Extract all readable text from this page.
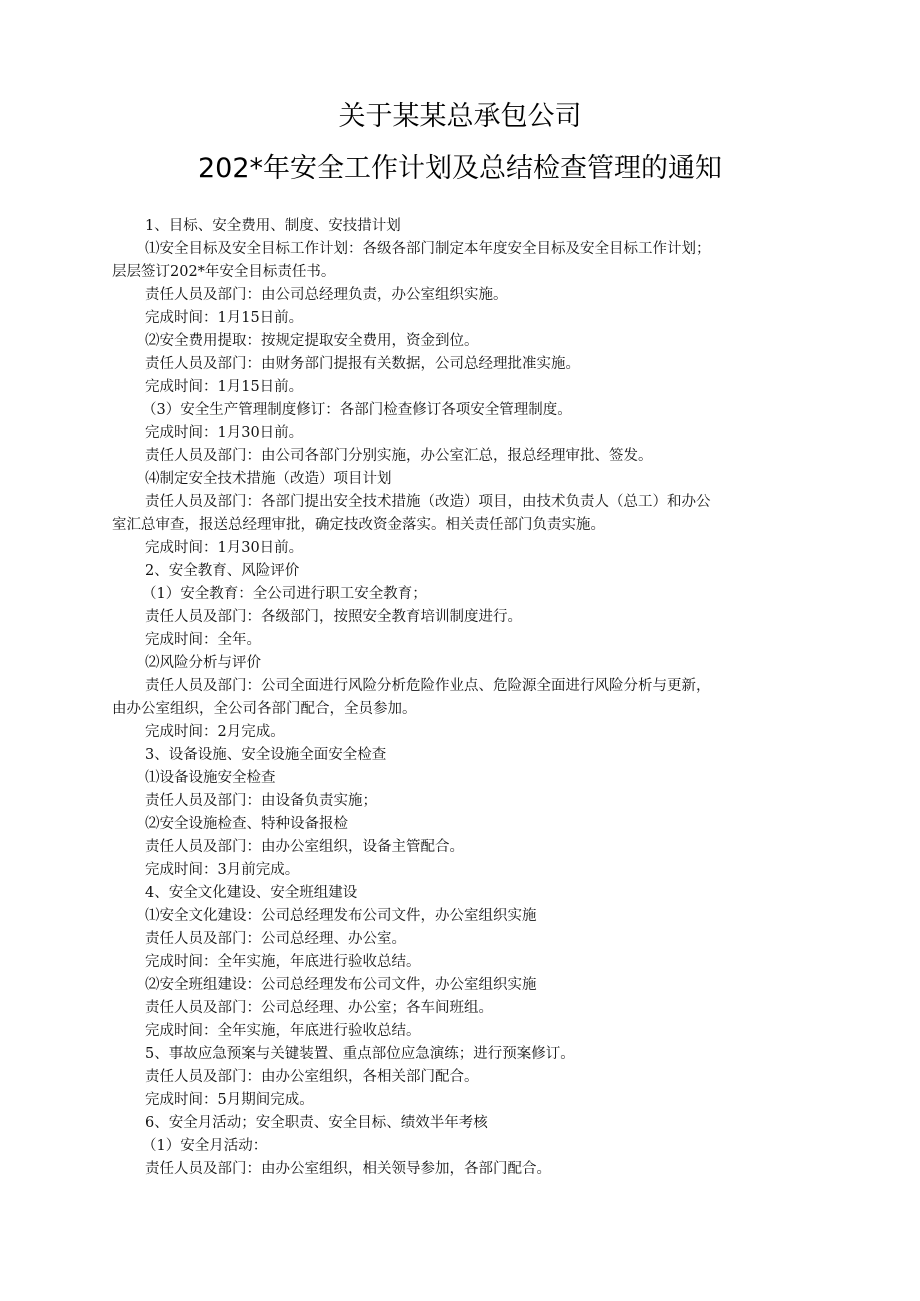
关于某某总承包公司
202*年安全工作计划及总结检查管理的通知
1、目标、安全费用、制度、安技措计划
⑴安全目标及安全目标工作计划：各级各部门制定本年度安全目标及安全目标工作计划；
层层签订202*年安全目标责任书。
责任人员及部门：由公司总经理负责，办公室组织实施。
完成时间：1月15日前。
⑵安全费用提取：按规定提取安全费用，资金到位。
责任人员及部门：由财务部门提报有关数据，公司总经理批准实施。
完成时间：1月15日前。
（3）安全生产管理制度修订：各部门检查修订各项安全管理制度。
完成时间：1月30日前。
责任人员及部门：由公司各部门分别实施，办公室汇总，报总经理审批、签发。
⑷制定安全技术措施（改造）项目计划
责任人员及部门：各部门提出安全技术措施（改造）项目，由技术负责人（总工）和办公
室汇总审查，报送总经理审批，确定技改资金落实。相关责任部门负责实施。
完成时间：1月30日前。
2、安全教育、风险评价
（1）安全教育：全公司进行职工安全教育；
责任人员及部门：各级部门，按照安全教育培训制度进行。
完成时间：全年。
⑵风险分析与评价
责任人员及部门：公司全面进行风险分析危险作业点、危险源全面进行风险分析与更新，
由办公室组织，全公司各部门配合，全员参加。
完成时间：2月完成。
3、设备设施、安全设施全面安全检查
⑴设备设施安全检查
责任人员及部门：由设备负责实施；
⑵安全设施检查、特种设备报检
责任人员及部门：由办公室组织，设备主管配合。
完成时间：3月前完成。
4、安全文化建设、安全班组建设
⑴安全文化建设：公司总经理发布公司文件，办公室组织实施
责任人员及部门：公司总经理、办公室。
完成时间：全年实施，年底进行验收总结。
⑵安全班组建设：公司总经理发布公司文件，办公室组织实施
责任人员及部门：公司总经理、办公室；各车间班组。
完成时间：全年实施，年底进行验收总结。
5、事故应急预案与关键装置、重点部位应急演练；进行预案修订。
责任人员及部门：由办公室组织，各相关部门配合。
完成时间：5月期间完成。
6、安全月活动；安全职责、安全目标、绩效半年考核
（1）安全月活动：
责任人员及部门：由办公室组织，相关领导参加，各部门配合。
